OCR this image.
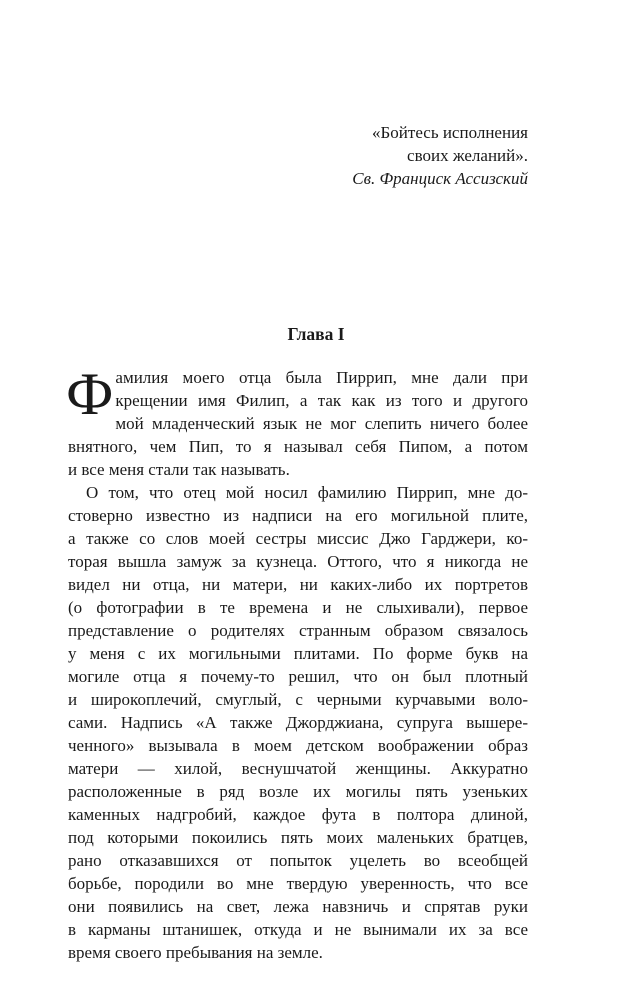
«Бойтесь исполнения
своих желаний».
Св. Франциск Ассизский
Глава I
Ф амилия моего отца была Пиррип, мне дали при
крещении имя Филип, а так как из того и другого
мой младенческий язык не мог слепить ничего более
внятного, чем Пип, то я называл себя Пипом, а потом
и все меня стали так называть.
О том, что отец мой носил фамилию Пиррип, мне до-
стоверно известно из надписи на его могильной плите,
а также со слов моей сестры миссис Джо Гарджери, ко-
торая вышла замуж за кузнеца. Оттого, что я никогда не
видел ни отца, ни матери, ни каких-либо их портретов
(о фотографии в те времена и не слыхивали), первое
представление о родителях странным образом связалось
у меня с их могильными плитами. По форме букв на
могиле отца я почему-то решил, что он был плотный
и широкоплечий, смуглый, с черными курчавыми воло-
сами. Надпись «А также Джорджиана, супруга вышере-
ченного» вызывала в моем детском воображении образ
матери — хилой, веснушчатой женщины. Аккуратно
расположенные в ряд возле их могилы пять узеньких
каменных надгробий, каждое фута в полтора длиной,
под которыми покоились пять моих маленьких братцев,
рано отказавшихся от попыток уцелеть во всеобщей
борьбе, породили во мне твердую уверенность, что все
они появились на свет, лежа навзничь и спрятав руки
в карманы штанишек, откуда и не вынимали их за все
время своего пребывания на земле.
